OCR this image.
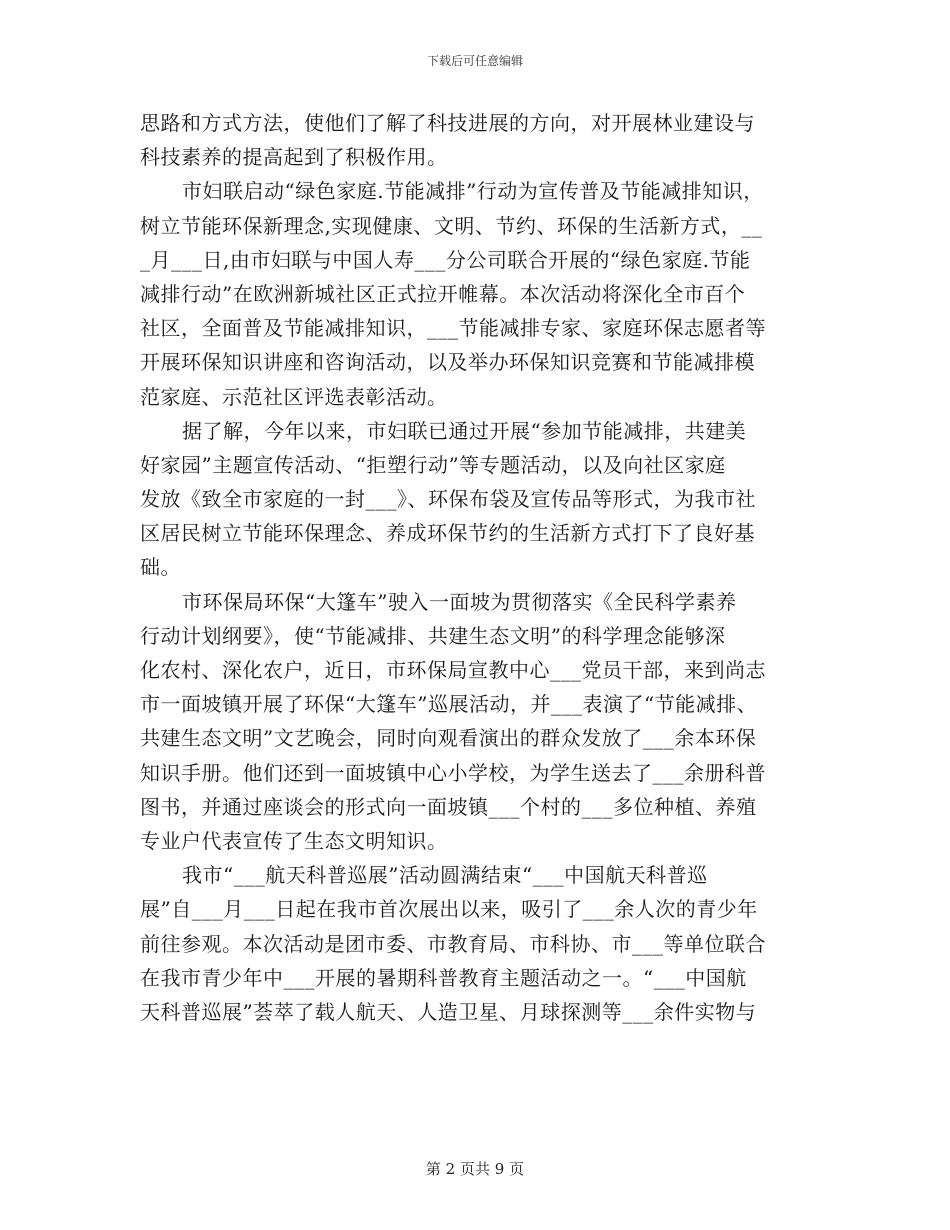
下载后可任意编辑
思路和方式方法，使他们了解了科技进展的方向，对开展林业建设与
科技素养的提高起到了积极作用。
市妇联启动“绿色家庭.节能减排”行动为宣传普及节能减排知识，
树立节能环保新理念,实现健康、文明、节约、环保的生活新方式，__
_月___日,由市妇联与中国人寿___分公司联合开展的“绿色家庭.节能
减排行动”在欧洲新城社区正式拉开帷幕。本次活动将深化全市百个
社区，全面普及节能减排知识，___节能减排专家、家庭环保志愿者等
开展环保知识讲座和咨询活动，以及举办环保知识竞赛和节能减排模
范家庭、示范社区评选表彰活动。
据了解，今年以来，市妇联已通过开展“参加节能减排，共建美
好家园”主题宣传活动、“拒塑行动”等专题活动，以及向社区家庭
发放《致全市家庭的一封___》、环保布袋及宣传品等形式，为我市社
区居民树立节能环保理念、养成环保节约的生活新方式打下了良好基
础。
市环保局环保“大篷车”驶入一面坡为贯彻落实《全民科学素养
行动计划纲要》，使“节能减排、共建生态文明”的科学理念能够深
化农村、深化农户，近日，市环保局宣教中心___党员干部，来到尚志
市一面坡镇开展了环保“大篷车”巡展活动，并___表演了“节能减排、
共建生态文明”文艺晚会，同时向观看演出的群众发放了___余本环保
知识手册。他们还到一面坡镇中心小学校，为学生送去了___余册科普
图书，并通过座谈会的形式向一面坡镇___个村的___多位种植、养殖
专业户代表宣传了生态文明知识。
我市“___航天科普巡展”活动圆满结束“___中国航天科普巡
展”自___月___日起在我市首次展出以来，吸引了___余人次的青少年
前往参观。本次活动是团市委、市教育局、市科协、市___等单位联合
在我市青少年中___开展的暑期科普教育主题活动之一。“___中国航
天科普巡展”荟萃了载人航天、人造卫星、月球探测等___余件实物与
第 2 页共 9 页
